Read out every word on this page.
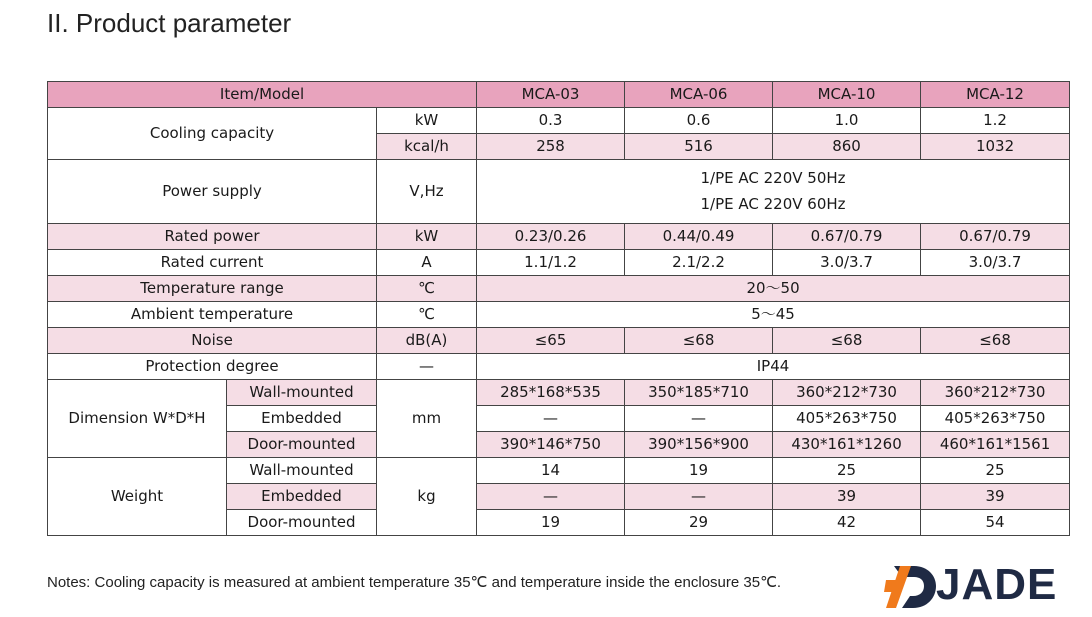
II. Product parameter
Item/Model			MCA-03	MCA-06	MCA-10	MCA-12
Cooling capacity		kW	0.3	0.6	1.0	1.2
		kcal/h	258	516	860	1032
Power supply		V,Hz	1/PE AC 220V 50Hz
1/PE AC 220V 60Hz			

Rated power		kW	0.23/0.26	0.44/0.49	0.67/0.79	0.67/0.79
Rated current		A	1.1/1.2	2.1/2.2	3.0/3.7	3.0/3.7
Temperature range		℃	20～50			
Ambient temperature		℃	5～45			
Noise		dB(A)	≤65	≤68	≤68	≤68
Protection degree		—	IP44			
Dimension W*D*H	Wall-mounted	mm	285*168*535	350*185*710	360*212*730	360*212*730
	Embedded		—	—	405*263*750	405*263*750
	Door-mounted		390*146*750	390*156*900	430*161*1260	460*161*1561
Weight	Wall-mounted	kg	14	19	25	25
	Embedded		—	—	39	39
	Door-mounted		19	29	42	54
Notes: Cooling capacity is measured at ambient temperature 35℃ and temperature inside the enclosure 35℃.	JADE
